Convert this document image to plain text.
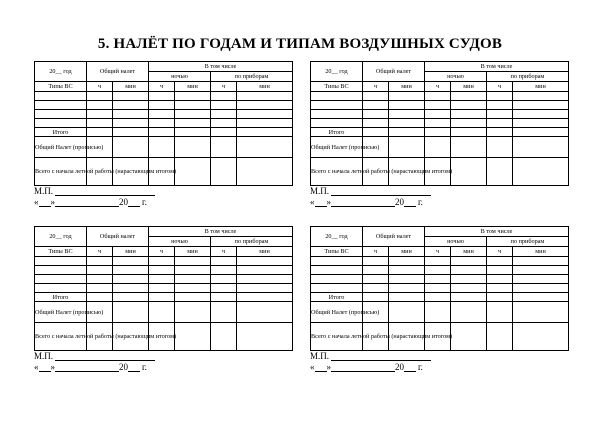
5. НАЛЁТ ПО ГОДАМ И ТИПАМ ВОЗДУШНЫХ СУДОВ
20__ год	Общий налет		В том числе			
			ночью		по приборам	
Типы ВС	ч	мин	ч	мин	ч	мин

Итого						
Общий Налет (прописью)						
Всего с начала летной работы (нарастающим итогом)						
М.П.
« »	20 г.
20__ год	Общий налет		В том числе			
			ночью		по приборам	
Типы ВС	ч	мин	ч	мин	ч	мин

Итого						
Общий Налет (прописью)						
Всего с начала летной работы (нарастающим итогом)						
М.П.
« »	20 г.
20__ год	Общий налет		В том числе			
			ночью		по приборам	
Типы ВС	ч	мин	ч	мин	ч	мин

Итого						
Общий Налет (прописью)						
Всего с начала летной работы (нарастающим итогом)						
М.П.
« »	20 г.
20__ год	Общий налет		В том числе			
			ночью		по приборам	
Типы ВС	ч	мин	ч	мин	ч	мин

Итого						
Общий Налет (прописью)						
Всего с начала летной работы (нарастающим итогом)						
М.П.
« »	20 г.
